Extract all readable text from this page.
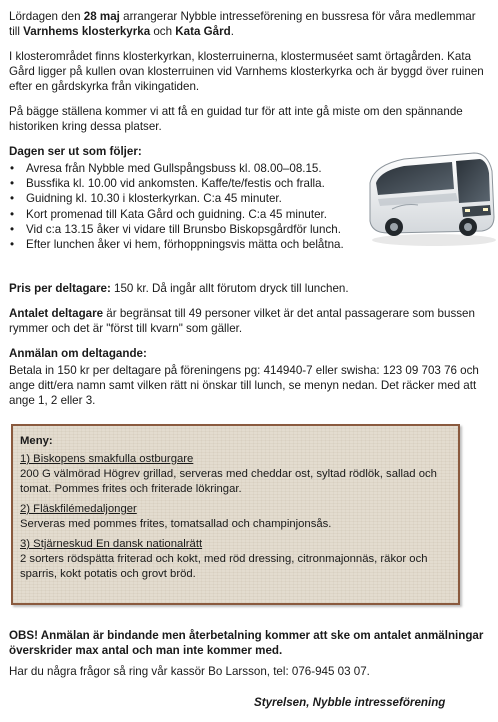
Lördagen den 28 maj arrangerar Nybble intresseförening en bussresa för våra medlemmar till Varnhems klosterkyrka och Kata Gård.

I klosterområdet finns klosterkyrkan, klosterruinerna, klostermuséet samt örtagården. Kata Gård ligger på kullen ovan klosterruinen vid Varnhems klosterkyrka och är byggd över ruinen efter en gårdskyrka från vikingatiden.

På bägge ställena kommer vi att få en guidad tur för att inte gå miste om den spännande historiken kring dessa platser.

Dagen ser ut som följer:
• Avresa från Nybble med Gullspångsbuss kl. 08.00–08.15.
• Bussfika kl. 10.00 vid ankomsten. Kaffe/te/festis och fralla.
• Guidning kl. 10.30 i klosterkyrkan. C:a 45 minuter.
• Kort promenad till Kata Gård och guidning. C:a 45 minuter.
• Vid c:a 13.15 åker vi vidare till Brunsbo Biskopsgårdför lunch.
• Efter lunchen åker vi hem, förhoppningsvis mätta och belåtna.

Pris per deltagare: 150 kr. Då ingår allt förutom dryck till lunchen.

Antalet deltagare är begränsat till 49 personer vilket är det antal passagerare som bussen rymmer och det är "först till kvarn" som gäller.

Anmälan om deltagande:

Betala in 150 kr per deltagare på föreningens pg: 414940-7 eller swisha: 123 09 703 76 och ange ditt/era namn samt vilken rätt ni önskar till lunch, se menyn nedan. Det räcker med att ange 1, 2 eller 3.

Meny:
1) Biskopens smakfulla ostburgare
200 G välmörad Högrev grillad, serveras med cheddar ost, syltad rödlök, sallad och tomat. Pommes frites och friterade lökringar.
2) Fläskfilémedaljonger
Serveras med pommes frites, tomatsallad och champinjonsås.
3) Stjärneskud En dansk nationalrätt
2 sorters rödspätta friterad och kokt, med röd dressing, citronmajonnäs, räkor och sparris, kokt potatis och grovt bröd.

OBS! Anmälan är bindande men återbetalning kommer att ske om antalet anmälningar överskrider max antal och man inte kommer med.

Har du några frågor så ring vår kassör Bo Larsson, tel: 076-945 03 07.

Styrelsen, Nybble intresseförening
